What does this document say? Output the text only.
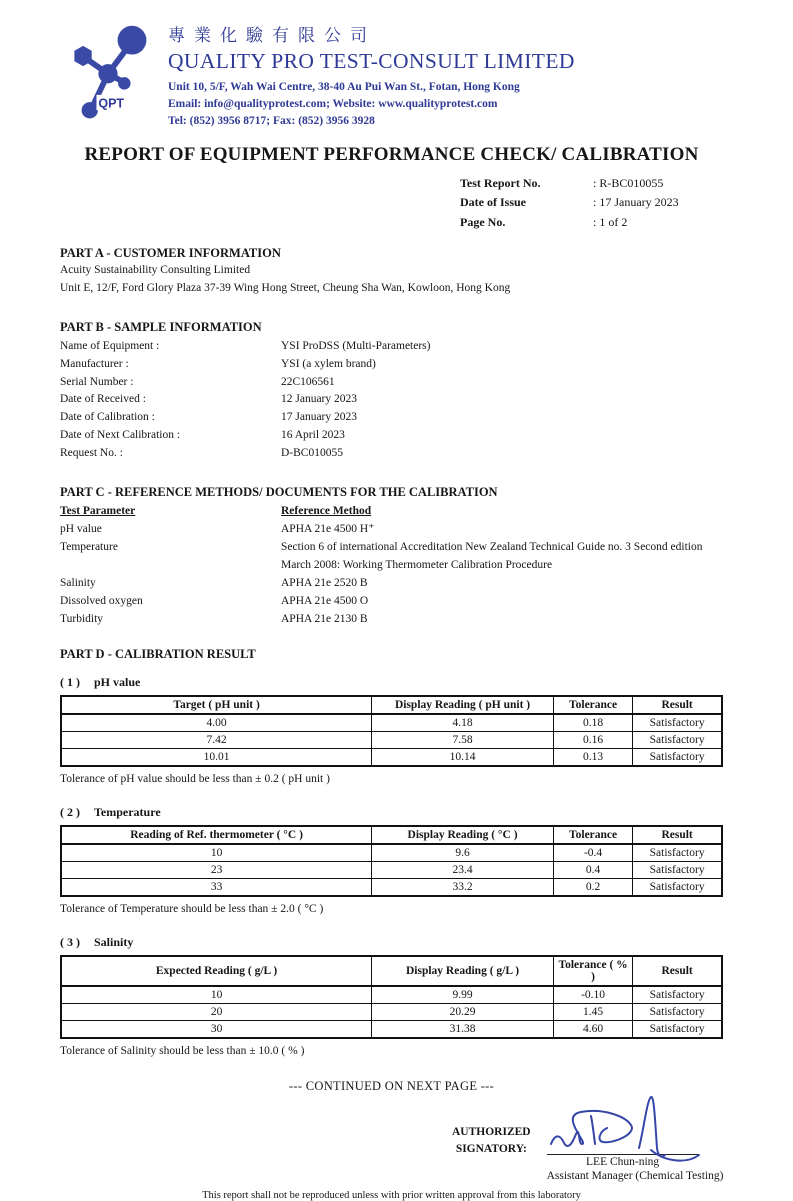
QPT
專業化驗有限公司
QUALITY PRO TEST-CONSULT LIMITED
Unit 10, 5/F, Wah Wai Centre, 38-40 Au Pui Wan St., Fotan, Hong Kong
Email: info@qualityprotest.com; Website: www.qualityprotest.com
Tel: (852) 3956 8717; Fax: (852) 3956 3928
REPORT OF EQUIPMENT PERFORMANCE CHECK/ CALIBRATION
Test Report No.	: R-BC010055
Date of Issue	: 17 January 2023
Page No.	: 1 of 2
PART A - CUSTOMER INFORMATION
Acuity Sustainability Consulting Limited
Unit E, 12/F, Ford Glory Plaza 37-39 Wing Hong Street, Cheung Sha Wan, Kowloon, Hong Kong
PART B - SAMPLE INFORMATION
Name of Equipment :	YSI ProDSS (Multi-Parameters)
Manufacturer :	YSI (a xylem brand)
Serial Number :	22C106561
Date of Received :	12 January 2023
Date of Calibration :	17 January 2023
Date of Next Calibration :	16 April 2023
Request No. :	D-BC010055
PART C - REFERENCE METHODS/ DOCUMENTS FOR THE CALIBRATION
Test Parameter	Reference Method
pH value	APHA 21e 4500 H⁺
Temperature	Section 6 of international Accreditation New Zealand Technical Guide no. 3 Second edition March 2008: Working Thermometer Calibration Procedure
Salinity	APHA 21e 2520 B
Dissolved oxygen	APHA 21e 4500 O
Turbidity	APHA 21e 2130 B
PART D - CALIBRATION RESULT
( 1 ) pH value
Target ( pH unit )	Display Reading ( pH unit )	Tolerance	Result
4.00	4.18	0.18	Satisfactory
7.42	7.58	0.16	Satisfactory
10.01	10.14	0.13	Satisfactory
Tolerance of pH value should be less than ± 0.2 ( pH unit )
( 2 ) Temperature
Reading of Ref. thermometer ( °C )	Display Reading ( °C )	Tolerance	Result
10	9.6	-0.4	Satisfactory
23	23.4	0.4	Satisfactory
33	33.2	0.2	Satisfactory
Tolerance of Temperature should be less than ± 2.0 ( °C )
( 3 ) Salinity
Expected Reading ( g/L )	Display Reading ( g/L )	Tolerance ( % )	Result
10	9.99	-0.10	Satisfactory
20	20.29	1.45	Satisfactory
30	31.38	4.60	Satisfactory
Tolerance of Salinity should be less than ± 10.0 ( % )
--- CONTINUED ON NEXT PAGE ---
AUTHORIZED
SIGNATORY:
LEE Chun-ning
Assistant Manager (Chemical Testing)
This report shall not be reproduced unless with prior written approval from this laboratory
